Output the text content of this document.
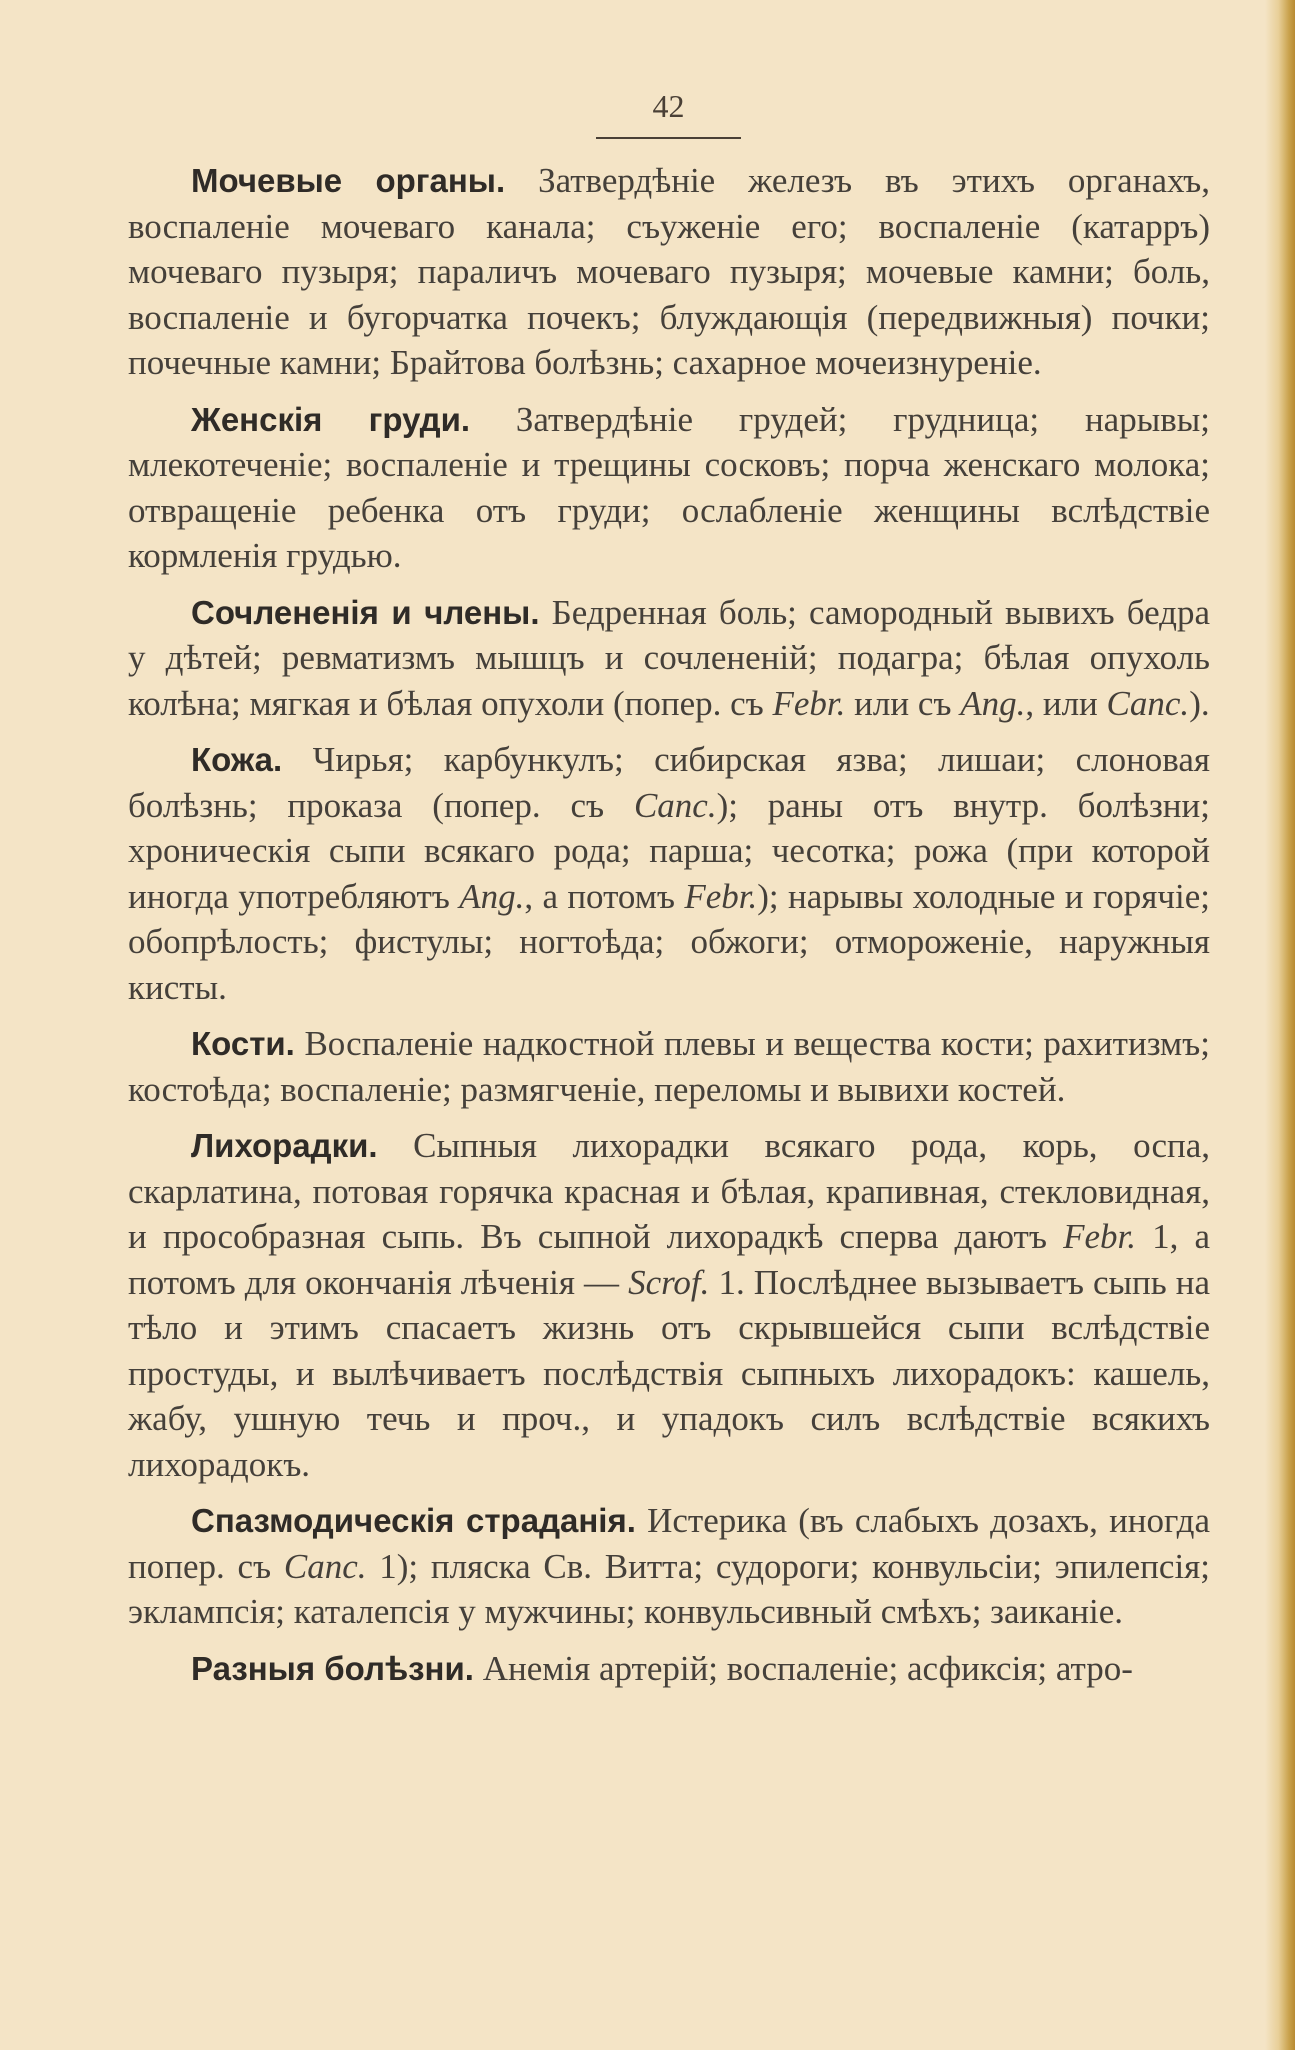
42

Мочевые органы. Затвердѣніе железъ въ этихъ органахъ, воспаленіе мочеваго канала; съуженіе его; воспаленіе (катарръ) мочеваго пузыря; параличъ мочеваго пузыря; мочевые камни; боль, воспаленіе и бугорчатка почекъ; блуждающія (передвижныя) почки; почечные камни; Брайтова болѣзнь; сахарное мочеизнуреніе.

Женскія груди. Затвердѣніе грудей; грудница; нарывы; млекотеченіе; воспаленіе и трещины сосковъ; порча женскаго молока; отвращеніе ребенка отъ груди; ослабленіе женщины вслѣдствіе кормленія грудью.

Сочлененія и члены. Бедренная боль; самородный вывихъ бедра у дѣтей; ревматизмъ мышцъ и сочлененій; подагра; бѣлая опухоль колѣна; мягкая и бѣлая опухоли (попер. съ Febr. или съ Ang., или Canc.).

Кожа. Чирья; карбункулъ; сибирская язва; лишаи; слоновая болѣзнь; проказа (попер. съ Canc.); раны отъ внутр. болѣзни; хроническія сыпи всякаго рода; парша; чесотка; рожа (при которой иногда употребляютъ Ang., а потомъ Febr.); нарывы холодные и горячіе; обопрѣлость; фистулы; ногтоѣда; обжоги; отмороженіе, наружныя кисты.

Кости. Воспаленіе надкостной плевы и вещества кости; рахитизмъ; костоѣда; воспаленіе; размягченіе, переломы и вывихи костей.

Лихорадки. Сыпныя лихорадки всякаго рода, корь, оспа, скарлатина, потовая горячка красная и бѣлая, крапивная, стекловидная, и прособразная сыпь. Въ сыпной лихорадкѣ сперва даютъ Febr. 1, а потомъ для окончанія лѣченія — Scrof. 1. Послѣднее вызываетъ сыпь на тѣло и этимъ спасаетъ жизнь отъ скрывшейся сыпи вслѣдствіе простуды, и вылѣчиваетъ послѣдствія сыпныхъ лихорадокъ: кашель, жабу, ушную течь и проч., и упадокъ силъ вслѣдствіе всякихъ лихорадокъ.

Спазмодическія страданія. Истерика (въ слабыхъ дозахъ, иногда попер. съ Canc. 1); пляска Св. Витта; судороги; конвульсіи; эпилепсія; эклампсія; каталепсія у мужчины; конвульсивный смѣхъ; заиканіе.

Разныя болѣзни. Анемія артерій; воспаленіе; асфиксія; атро-
